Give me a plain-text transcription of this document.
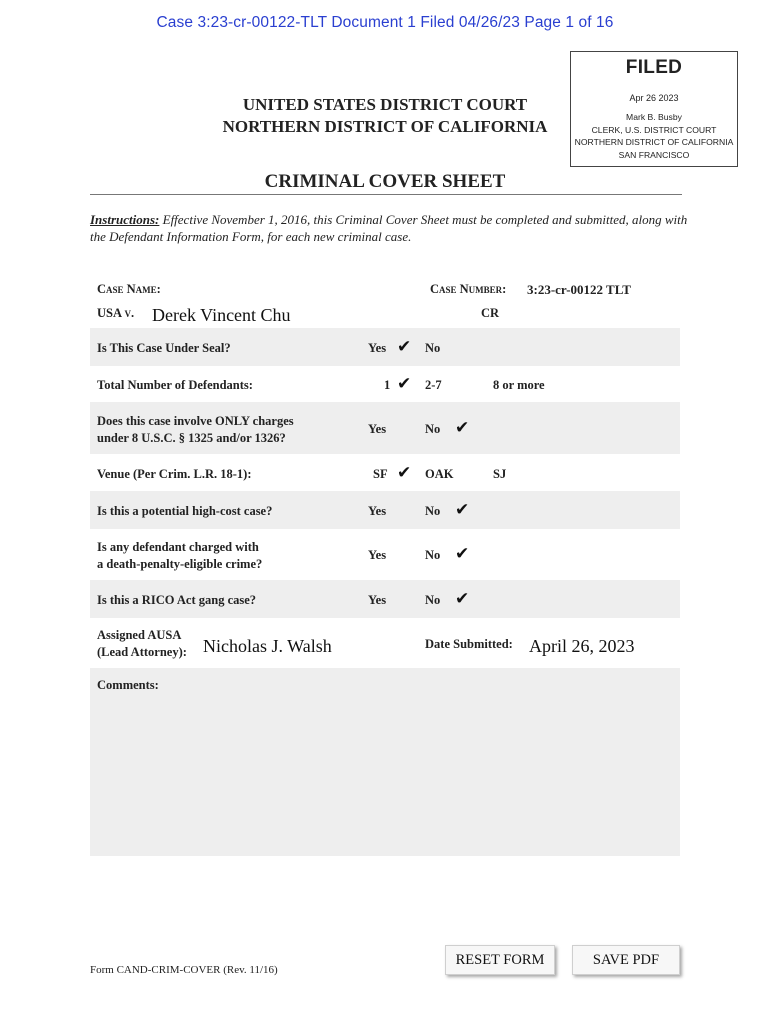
Case 3:23-cr-00122-TLT Document 1 Filed 04/26/23 Page 1 of 16
FILED
Apr 26 2023
Mark B. Busby
CLERK, U.S. DISTRICT COURT
NORTHERN DISTRICT OF CALIFORNIA
SAN FRANCISCO
UNITED STATES DISTRICT COURT
NORTHERN DISTRICT OF CALIFORNIA
CRIMINAL COVER SHEET
Instructions: Effective November 1, 2016, this Criminal Cover Sheet must be completed and submitted, along with the Defendant Information Form, for each new criminal case.
Case Name:	Case Number: 3:23-cr-00122 TLT
USA v. Derek Vincent Chu	CR
Is This Case Under Seal?	Yes ✔ No
Total Number of Defendants:	1 ✔ 2-7	8 or more
Does this case involve ONLY charges
under 8 U.S.C. § 1325 and/or 1326?
Yes	No ✔
Venue (Per Crim. L.R. 18-1):	SF ✔ OAK	SJ
Is this a potential high-cost case?	Yes	No ✔
Is any defendant charged with
a death-penalty-eligible crime?
Yes	No ✔
Is this a RICO Act gang case?	Yes	No ✔
Assigned AUSA
(Lead Attorney): Nicholas J. Walsh	Date Submitted: April 26, 2023
Comments:
Form CAND-CRIM-COVER (Rev. 11/16)
RESET FORM	SAVE PDF
